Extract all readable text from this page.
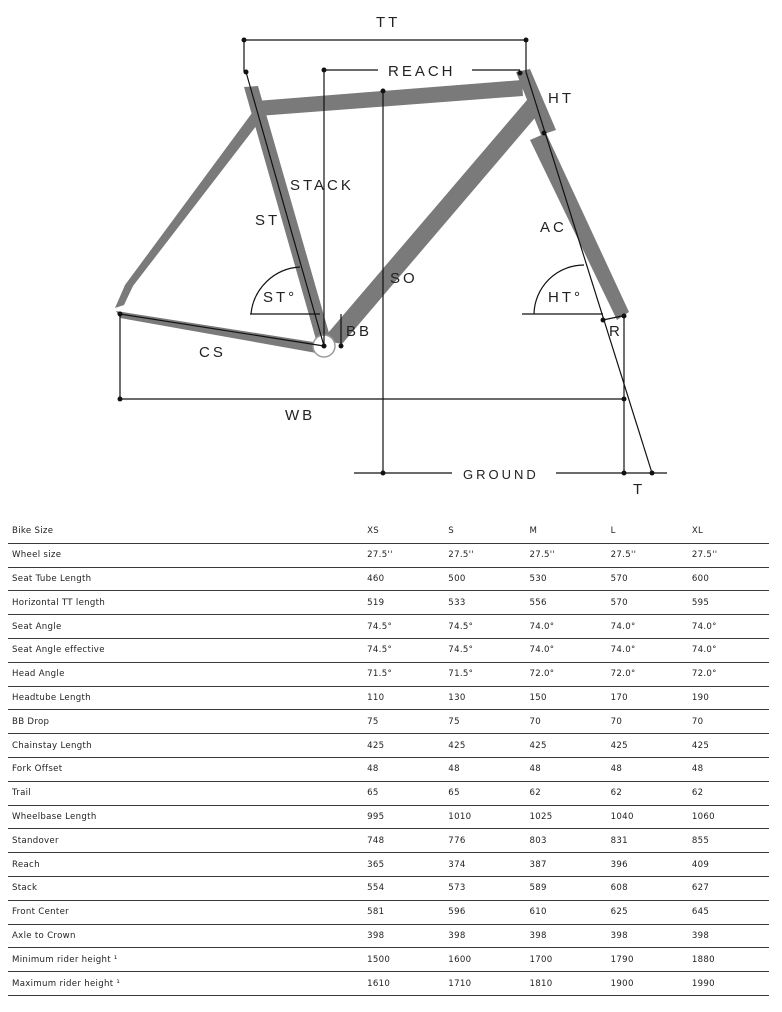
TT
REACH
HT
STACK
ST	AC
SO
ST°	HT°
BB	R
CS
WB
GROUND
T
Bike Size	XS	S	M	L	XL
Wheel size	27.5''	27.5''	27.5''	27.5''	27.5''
Seat Tube Length	460	500	530	570	600
Horizontal TT length	519	533	556	570	595
Seat Angle	74.5°	74.5°	74.0°	74.0°	74.0°
Seat Angle effective	74.5°	74.5°	74.0°	74.0°	74.0°
Head Angle	71.5°	71.5°	72.0°	72.0°	72.0°
Headtube Length	110	130	150	170	190
BB Drop	75	75	70	70	70
Chainstay Length	425	425	425	425	425
Fork Offset	48	48	48	48	48
Trail	65	65	62	62	62
Wheelbase Length	995	1010	1025	1040	1060
Standover	748	776	803	831	855
Reach	365	374	387	396	409
Stack	554	573	589	608	627
Front Center	581	596	610	625	645
Axle to Crown	398	398	398	398	398
Minimum rider height ¹	1500	1600	1700	1790	1880
Maximum rider height ¹	1610	1710	1810	1900	1990
